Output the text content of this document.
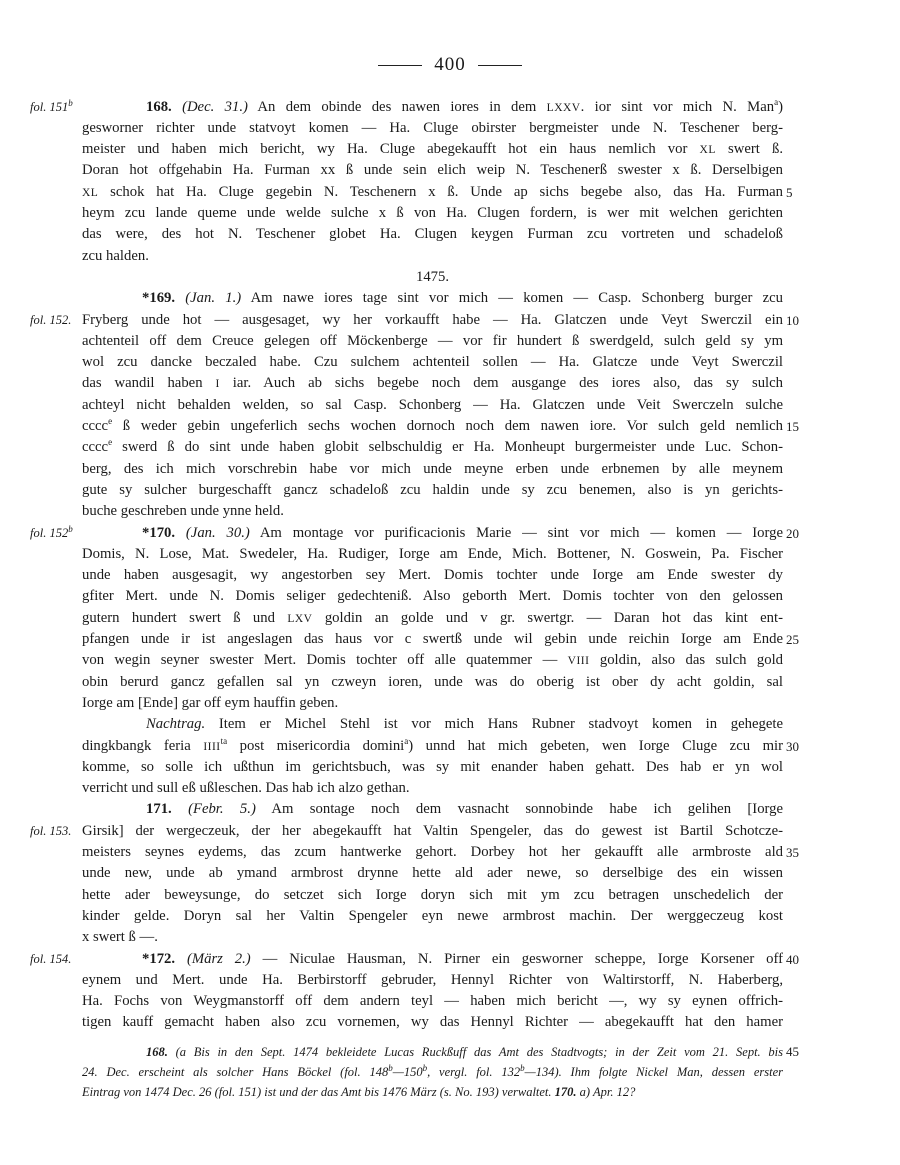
400
168. (Dec. 31.) An dem obinde des nawen iores in dem LXXV. ior sint vor mich N. Man$^a$)
gesworner richter unde statvoyt komen — Ha. Cluge obirster bergmeister unde N. Teschener berg-
meister und haben mich bericht, wy Ha. Cluge abegekaufft hot ein haus nemlich vor XL swert ß.
Doran hot offgehabin Ha. Furman xx ß unde sein elich weip N. Teschenerß swester x ß. Derselbigen
XL schok hat Ha. Cluge gegebin N. Teschenern x ß. Unde ap sichs begebe also, das Ha. Furman
heym zcu lande queme unde welde sulche x ß von Ha. Clugen fordern, is wer mit welchen gerichten
das were, des hot N. Teschener globet Ha. Clugen keygen Furman zcu vortreten und schadeloß
zcu halden.
1475.
*169. (Jan. 1.) Am nawe iores tage sint vor mich — komen — Casp. Schonberg burger zcu
Fryberg unde hot — ausgesaget, wy her vorkaufft habe — Ha. Glatczen unde Veyt Swerczil ein
achtenteil off dem Creuce gelegen off Möckenberge — vor fir hundert ß swerdgeld, sulch geld sy ym
wol zcu dancke beczaled habe. Czu sulchem achtenteil sollen — Ha. Glatcze unde Veyt Swerczil
das wandil haben I iar. Auch ab sichs begebe noch dem ausgange des iores also, das sy sulch
achteyl nicht behalden welden, so sal Casp. Schonberg — Ha. Glatczen unde Veit Swerczeln sulche
cccc$^e$ ß weder gebin ungeferlich sechs wochen dornoch noch dem nawen iore. Vor sulch geld nemlich
cccc$^e$ swerd ß do sint unde haben globit selbschuldig er Ha. Monheupt burgermeister unde Luc. Schon-
berg, des ich mich vorschrebin habe vor mich unde meyne erben unde erbnemen by alle meynem
gute sy sulcher burgeschafft gancz schadeloß zcu haldin unde sy zcu benemen, also is yn gerichts-
buche geschreben unde ynne held.
*170. (Jan. 30.) Am montage vor purificacionis Marie — sint vor mich — komen — Iorge
Domis, N. Lose, Mat. Swedeler, Ha. Rudiger, Iorge am Ende, Mich. Bottener, N. Goswein, Pa. Fischer
unde haben ausgesagit, wy angestorben sey Mert. Domis tochter unde Iorge am Ende swester dy
gfiter Mert. unde N. Domis seliger gedechteniß. Also geborth Mert. Domis tochter von den gelossen
gutern hundert swert ß und LXV goldin an golde und v gr. swertgr. — Daran hot das kint ent-
pfangen unde ir ist angeslagen das haus vor c swertß unde wil gebin unde reichin Iorge am Ende
von wegin seyner swester Mert. Domis tochter off alle quatemmer — VIII goldin, also das sulch gold
obin berurd gancz gefallen sal yn czweyn ioren, unde was do oberig ist ober dy acht goldin, sal
Iorge am [Ende] gar off eym hauffin geben.
Nachtrag. Item er Michel Stehl ist vor mich Hans Rubner stadvoyt komen in gehegete
dingkbangk feria $IIII^{ta}$ post misericordia domini$^a$) unnd hat mich gebeten, wen Iorge Cluge zcu mir
komme, so solle ich ußthun im gerichtsbuch, was sy mit enander haben gehatt. Des hab er yn wol
verricht und sull eß ußleschen. Das hab ich alzo gethan.
171. (Febr. 5.) Am sontage noch dem vasnacht sonnobinde habe ich gelihen [Iorge
Girsik] der wergeczeuk, der her abegekaufft hat Valtin Spengeler, das do gewest ist Bartil Schotcze-
meisters seynes eydems, das zcum hantwerke gehort. Dorbey hot her gekaufft alle armbroste ald
unde new, unde ab ymand armbrost drynne hette ald ader newe, so derselbige des ein wissen
hette ader beweysunge, do setczet sich Iorge doryn sich mit ym zcu betragen unschedelich der
kinder gelde. Doryn sal her Valtin Spengeler eyn newe armbrost machin. Der werggeczeug kost
x swert ß —.
*172. (März 2.) — Niculae Hausman, N. Pirner ein gesworner scheppe, Iorge Korsener off
eynem und Mert. unde Ha. Berbirstorff gebruder, Hennyl Richter von Waltirstorff, N. Haberberg,
Ha. Fochs von Weygmanstorff off dem andern teyl — haben mich bericht —, wy sy eynen offrich-
tigen kauff gemacht haben also zcu vornemen, wy das Hennyl Richter — abegekaufft hat den hamer
fol. 151$^b$
fol. 152.
fol. 152$^b$
fol. 153.
fol. 154.
5
10
15
20
25
30
35
40
168. (a Bis in den Sept. 1474 bekleidete Lucas Ruckßuff das Amt des Stadtvogts; in der Zeit vom 21. Sept. bis
24. Dec. erscheint als solcher Hans Böckel (fol. 148$^b$—150$^b$, vergl. fol. 132$^b$—134). Ihm folgte Nickel Man, dessen erster
Eintrag von 1474 Dec. 26 (fol. 151) ist und der das Amt bis 1476 März (s. No. 193) verwaltet. 170. a) Apr. 12?
45
